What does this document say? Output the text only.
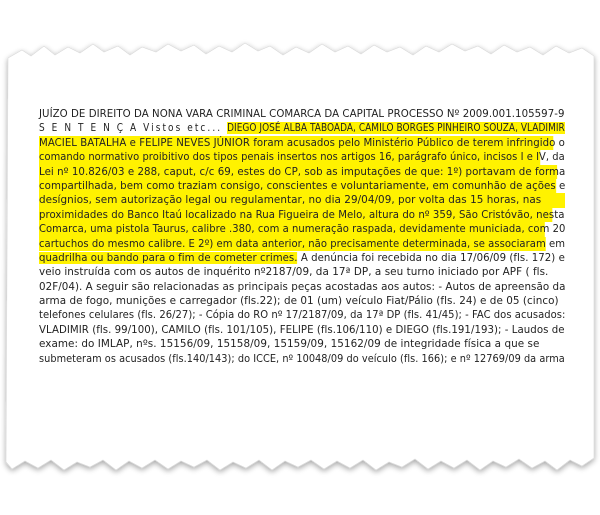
JUÍZO DE DIREITO DA NONA VARA CRIMINAL COMARCA DA CAPITAL PROCESSO Nº 2009.001.105597-9
S E N T E N Ç A Vistos etc... DIEGO JOSÉ ALBA TABOADA, CAMILO BORGES PINHEIRO SOUZA, VLADIMIR
MACIEL BATALHA e FELIPE NEVES JÚNIOR foram acusados pelo Ministério Público de terem infringido o
comando normativo proibitivo dos tipos penais insertos nos artigos 16, parágrafo único, incisos I e IV, da
Lei nº 10.826/03 e 288, caput, c/c 69, estes do CP, sob as imputações de que: 1º) portavam de forma
compartilhada, bem como traziam consigo, conscientes e voluntariamente, em comunhão de ações e
desígnios, sem autorização legal ou regulamentar, no dia 29/04/09, por volta das 15 horas, nas
proximidades do Banco Itaú localizado na Rua Figueira de Melo, altura do nº 359, São Cristóvão, nesta
Comarca, uma pistola Taurus, calibre .380, com a numeração raspada, devidamente municiada, com 20
cartuchos do mesmo calibre. E 2º) em data anterior, não precisamente determinada, se associaram em
quadrilha ou bando para o fim de cometer crimes. A denúncia foi recebida no dia 17/06/09 (fls. 172) e
veio instruída com os autos de inquérito nº2187/09, da 17ª DP, a seu turno iniciado por APF ( fls.
02F/04). A seguir são relacionadas as principais peças acostadas aos autos: - Autos de apreensão da
arma de fogo, munições e carregador (fls.22); de 01 (um) veículo Fiat/Pálio (fls. 24) e de 05 (cinco)
telefones celulares (fls. 26/27); - Cópia do RO nº 17/2187/09, da 17ª DP (fls. 41/45); - FAC dos acusados:
VLADIMIR (fls. 99/100), CAMILO (fls. 101/105), FELIPE (fls.106/110) e DIEGO (fls.191/193); - Laudos de
exame: do IMLAP, nºs. 15156/09, 15158/09, 15159/09, 15162/09 de integridade física a que se
submeteram os acusados (fls.140/143); do ICCE, nº 10048/09 do veículo (fls. 166); e nº 12769/09 da arma
